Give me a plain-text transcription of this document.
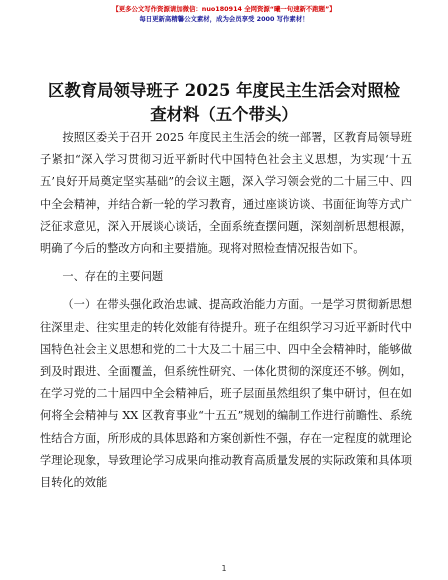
【更多公文写作资源请加微信：nuo180914 全网资源“曦一句速新不跑题”】
每日更新高精馨公文素材，成为会员享受 2000 写作素材！
区教育局领导班子 2025 年度民主生活会对照检查材料（五个带头）

按照区委关于召开 2025 年度民主生活会的统一部署，区教育局领导班子紧扣“深入学习贯彻习近平新时代中国特色社会主义思想，为实现‘十五五’良好开局奠定坚实基础”的会议主题，深入学习领会党的二十届三中、四中全会精神，并结合新一轮的学习教育，通过座谈访谈、书面征询等方式广泛征求意见，深入开展谈心谈话，全面系统查摆问题，深刻剖析思想根源，明确了今后的整改方向和主要措施。现将对照检查情况报告如下。

一、存在的主要问题

（一）在带头强化政治忠诚、提高政治能力方面。一是学习贯彻新思想往深里走、往实里走的转化效能有待提升。班子在组织学习习近平新时代中国特色社会主义思想和党的二十大及二十届三中、四中全会精神时，能够做到及时跟进、全面覆盖，但系统性研究、一体化贯彻的深度还不够。例如，在学习党的二十届四中全会精神后，班子层面虽然组织了集中研讨，但在如何将全会精神与 XX 区教育事业“十五五”规划的编制工作进行前瞻性、系统性结合方面，所形成的具体思路和方案创新性不强，存在一定程度的就理论学理论现象，导致理论学习成果向推动教育高质量发展的实际政策和具体项目转化的效能

1
